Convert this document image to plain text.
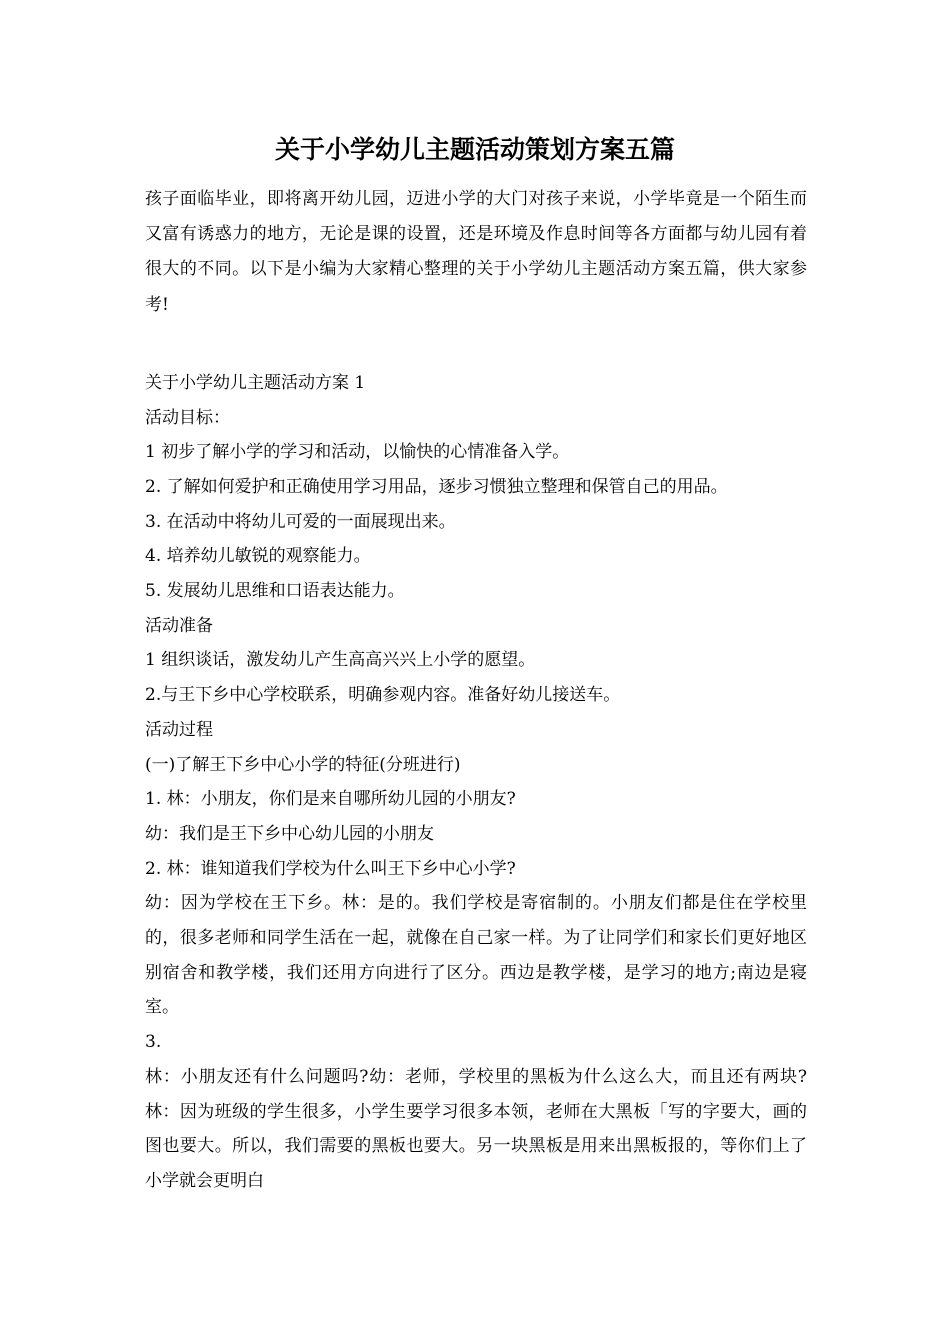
关于小学幼儿主题活动策划方案五篇

孩子面临毕业，即将离开幼儿园，迈进小学的大门对孩子来说，小学毕竟是一个陌生而又富有诱惑力的地方，无论是课的设置，还是环境及作息时间等各方面都与幼儿园有着很大的不同。以下是小编为大家精心整理的关于小学幼儿主题活动方案五篇，供大家参考!

关于小学幼儿主题活动方案 1

活动目标：

1 初步了解小学的学习和活动，以愉快的心情准备入学。

2. 了解如何爱护和正确使用学习用品，逐步习惯独立整理和保管自己的用品。

3. 在活动中将幼儿可爱的一面展现出来。

4. 培养幼儿敏锐的观察能力。

5. 发展幼儿思维和口语表达能力。

活动准备

1 组织谈话，激发幼儿产生高高兴兴上小学的愿望。

2.与王下乡中心学校联系，明确参观内容。准备好幼儿接送车。

活动过程

(一)了解王下乡中心小学的特征(分班进行)

1. 林：小朋友，你们是来自哪所幼儿园的小朋友?

幼：我们是王下乡中心幼儿园的小朋友

2. 林：谁知道我们学校为什么叫王下乡中心小学?

幼：因为学校在王下乡。林：是的。我们学校是寄宿制的。小朋友们都是住在学校里的，很多老师和同学生活在一起，就像在自己家一样。为了让同学们和家长们更好地区别宿舍和教学楼，我们还用方向进行了区分。西边是教学楼，是学习的地方;南边是寝室。

3.

林：小朋友还有什么问题吗?幼：老师，学校里的黑板为什么这么大，而且还有两块?林：因为班级的学生很多，小学生要学习很多本领，老师在大黑板「写的字要大，画的图也要大。所以，我们需要的黑板也要大。另一块黑板是用来出黑板报的，等你们上了小学就会更明白
